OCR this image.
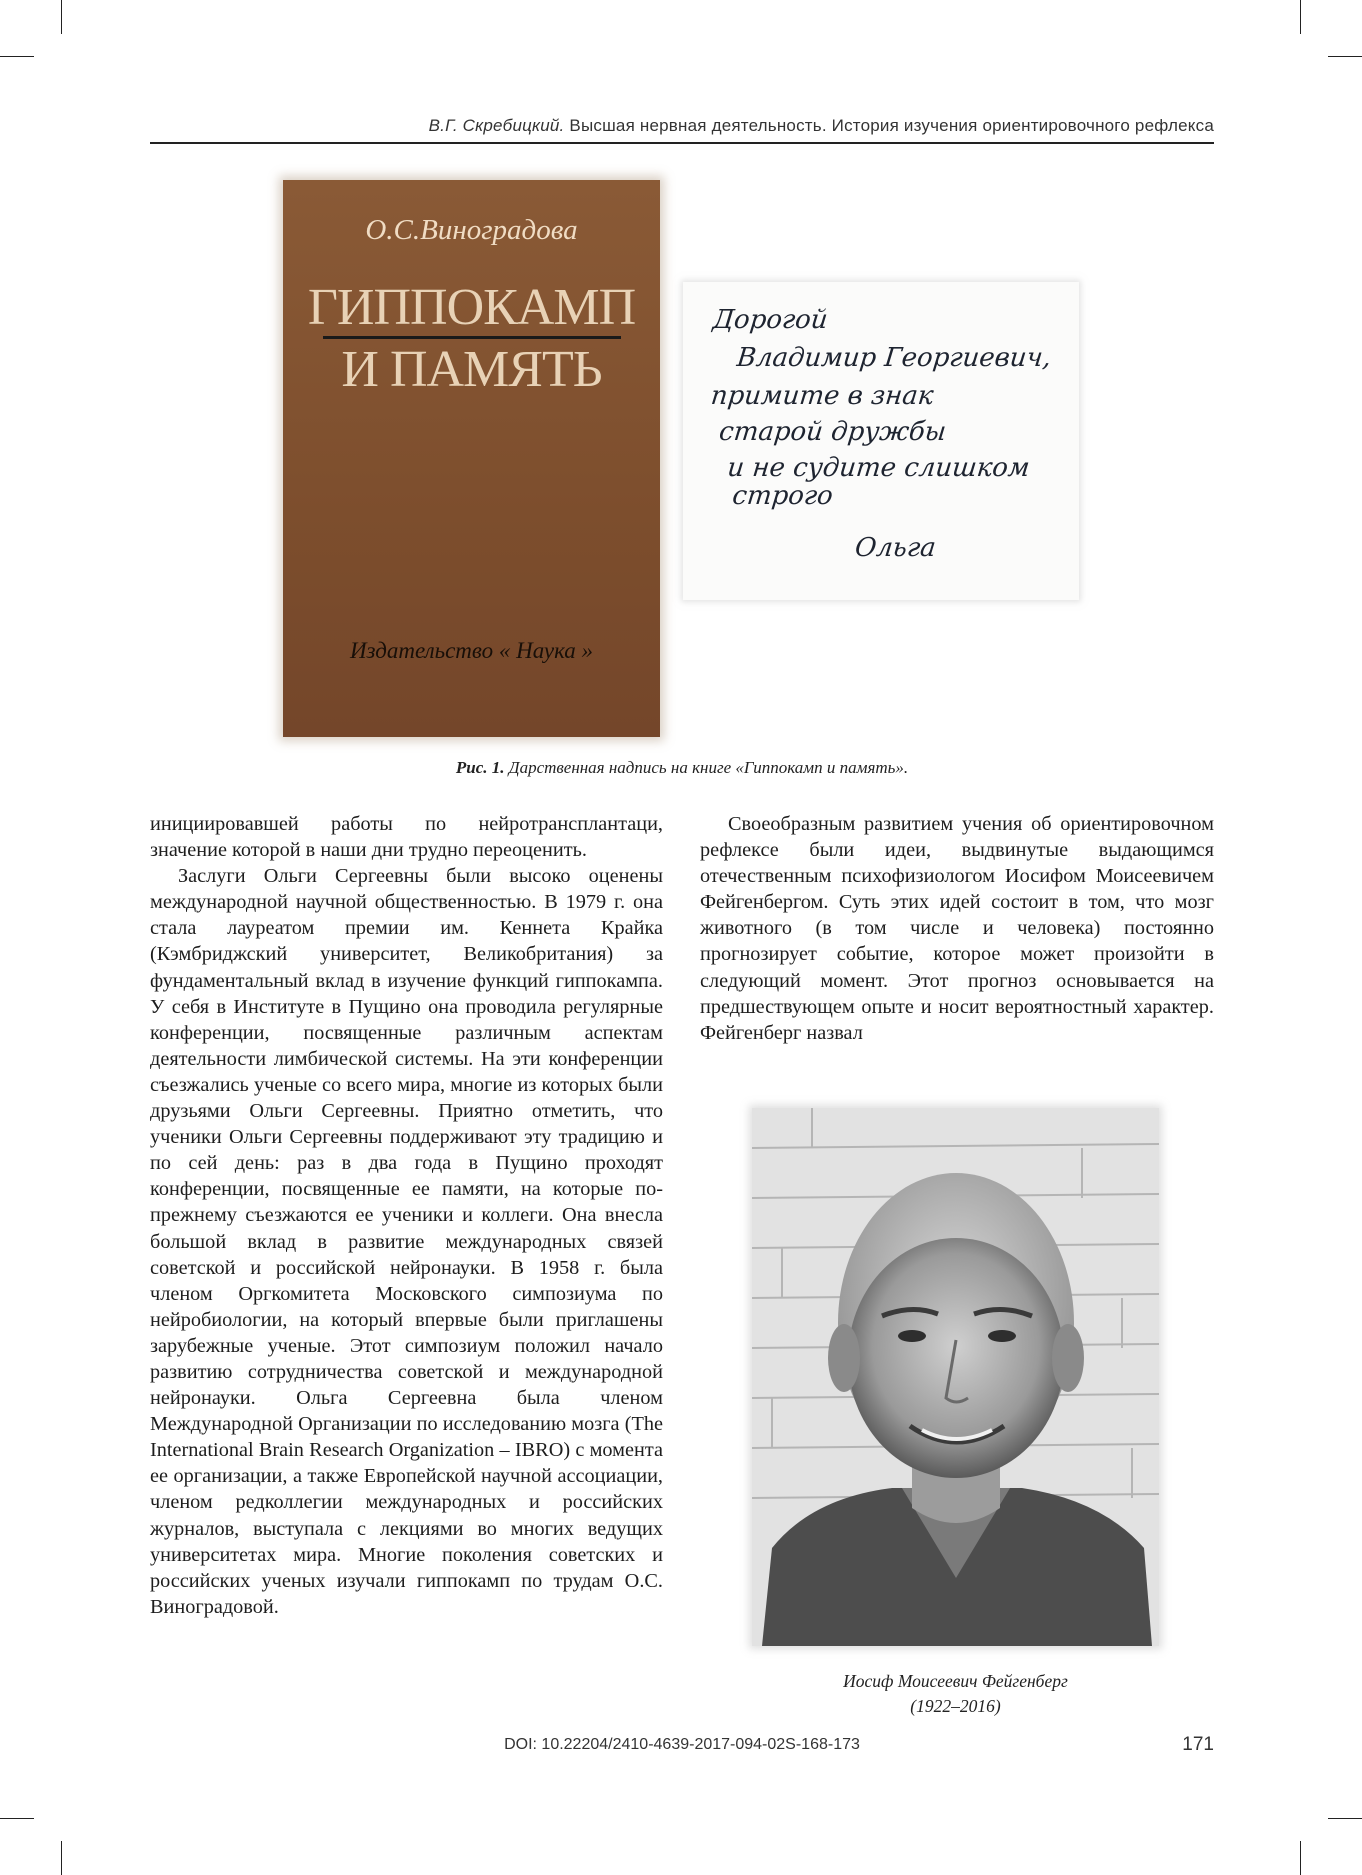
В.Г. Скребицкий. Высшая нервная деятельность. История изучения ориентировочного рефлекса
О.С.Виноградова
ГИППОКАМП
И ПАМЯТЬ
Издательство « Наука »
Дорогой
Владимир Георгиевич,
примите в знак
старой дружбы
и не судите слишком
строго
Ольга
Рис. 1. Дарственная надпись на книге «Гиппокамп и память».

инициировавшей работы по нейротрансплантаци, значение которой в наши дни трудно переоценить.

Заслуги Ольги Сергеевны были высоко оценены международной научной общественностью. В 1979 г. она стала лауреатом премии им. Кеннета Крайка (Кэмбриджский университет, Великобритания) за фундаментальный вклад в изучение функций гиппокампа. У себя в Институте в Пущино она проводила регулярные конференции, посвященные различным аспектам деятельности лимбической системы. На эти конференции съезжались ученые со всего мира, многие из которых были друзьями Ольги Сергеевны. Приятно отметить, что ученики Ольги Сергеевны поддерживают эту традицию и по сей день: раз в два года в Пущино проходят конференции, посвященные ее памяти, на которые по-прежнему съезжаются ее ученики и коллеги. Она внесла большой вклад в развитие международных связей советской и российской нейронауки. В 1958 г. была членом Оргкомитета Московского симпозиума по нейробиологии, на который впервые были приглашены зарубежные ученые. Этот симпозиум положил начало развитию сотрудничества советской и международной нейронауки. Ольга Сергеевна была членом Международной Организации по исследованию мозга (The International Brain Research Organization – IBRO) с момента ее организации, а также Европейской научной ассоциации, членом редколлегии международных и российских журналов, выступала с лекциями во многих ведущих университетах мира. Многие поколения советских и российских ученых изучали гиппокамп по трудам О.С. Виноградовой.

Своеобразным развитием учения об ориентировочном рефлексе были идеи, выдвинутые выдающимся отечественным психофизиологом Иосифом Моисеевичем Фейгенбергом. Суть этих идей состоит в том, что мозг животного (в том числе и человека) постоянно прогнозирует событие, которое может произойти в следующий момент. Этот прогноз основывается на предшествующем опыте и носит вероятностный характер. Фейгенберг назвал

Иосиф Моисеевич Фейгенберг
(1922–2016)
DOI: 10.22204/2410-4639-2017-094-02S-168-173	171
